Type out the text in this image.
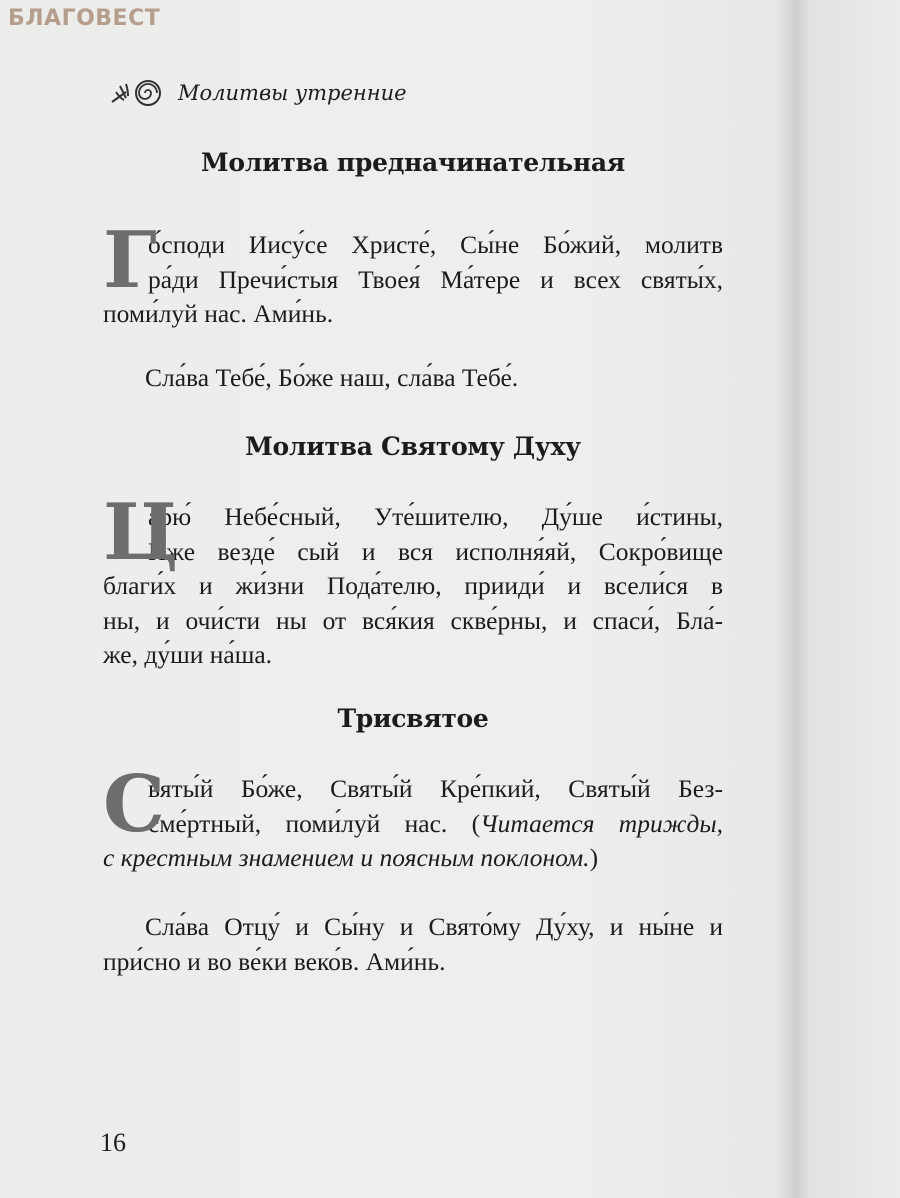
БЛАГОВЕСТ
Молитвы утренние
Молитва предначинательная
Г
о́споди Иису́се Христе́, Сы́не Бо́жий, молитв
ра́ди Пречи́стыя Твоея́ Ма́тере и всех святы́х,
поми́луй нас. Ами́нь.
Сла́ва Тебе́, Бо́же наш, сла́ва Тебе́.
Молитва Святому Духу
Ц
арю́ Небе́сный, Уте́шителю, Ду́ше и́стины,
И́же везде́ сый и вся исполня́яй, Сокро́вище
благи́х и жи́зни Пода́телю, прииди́ и всели́ся в
ны, и очи́сти ны от вся́кия скве́рны, и спаси́, Бла́-
же, ду́ши на́ша.
Трисвятое
С
вяты́й Бо́же, Святы́й Кре́пкий, Святы́й Без-
сме́ртный, поми́луй нас. (Читается трижды,
с крестным знамением и поясным поклоном.)
Сла́ва Отцу́ и Сы́ну и Свято́му Ду́ху, и ны́не и
при́сно и во ве́ки веко́в. Ами́нь.
16
